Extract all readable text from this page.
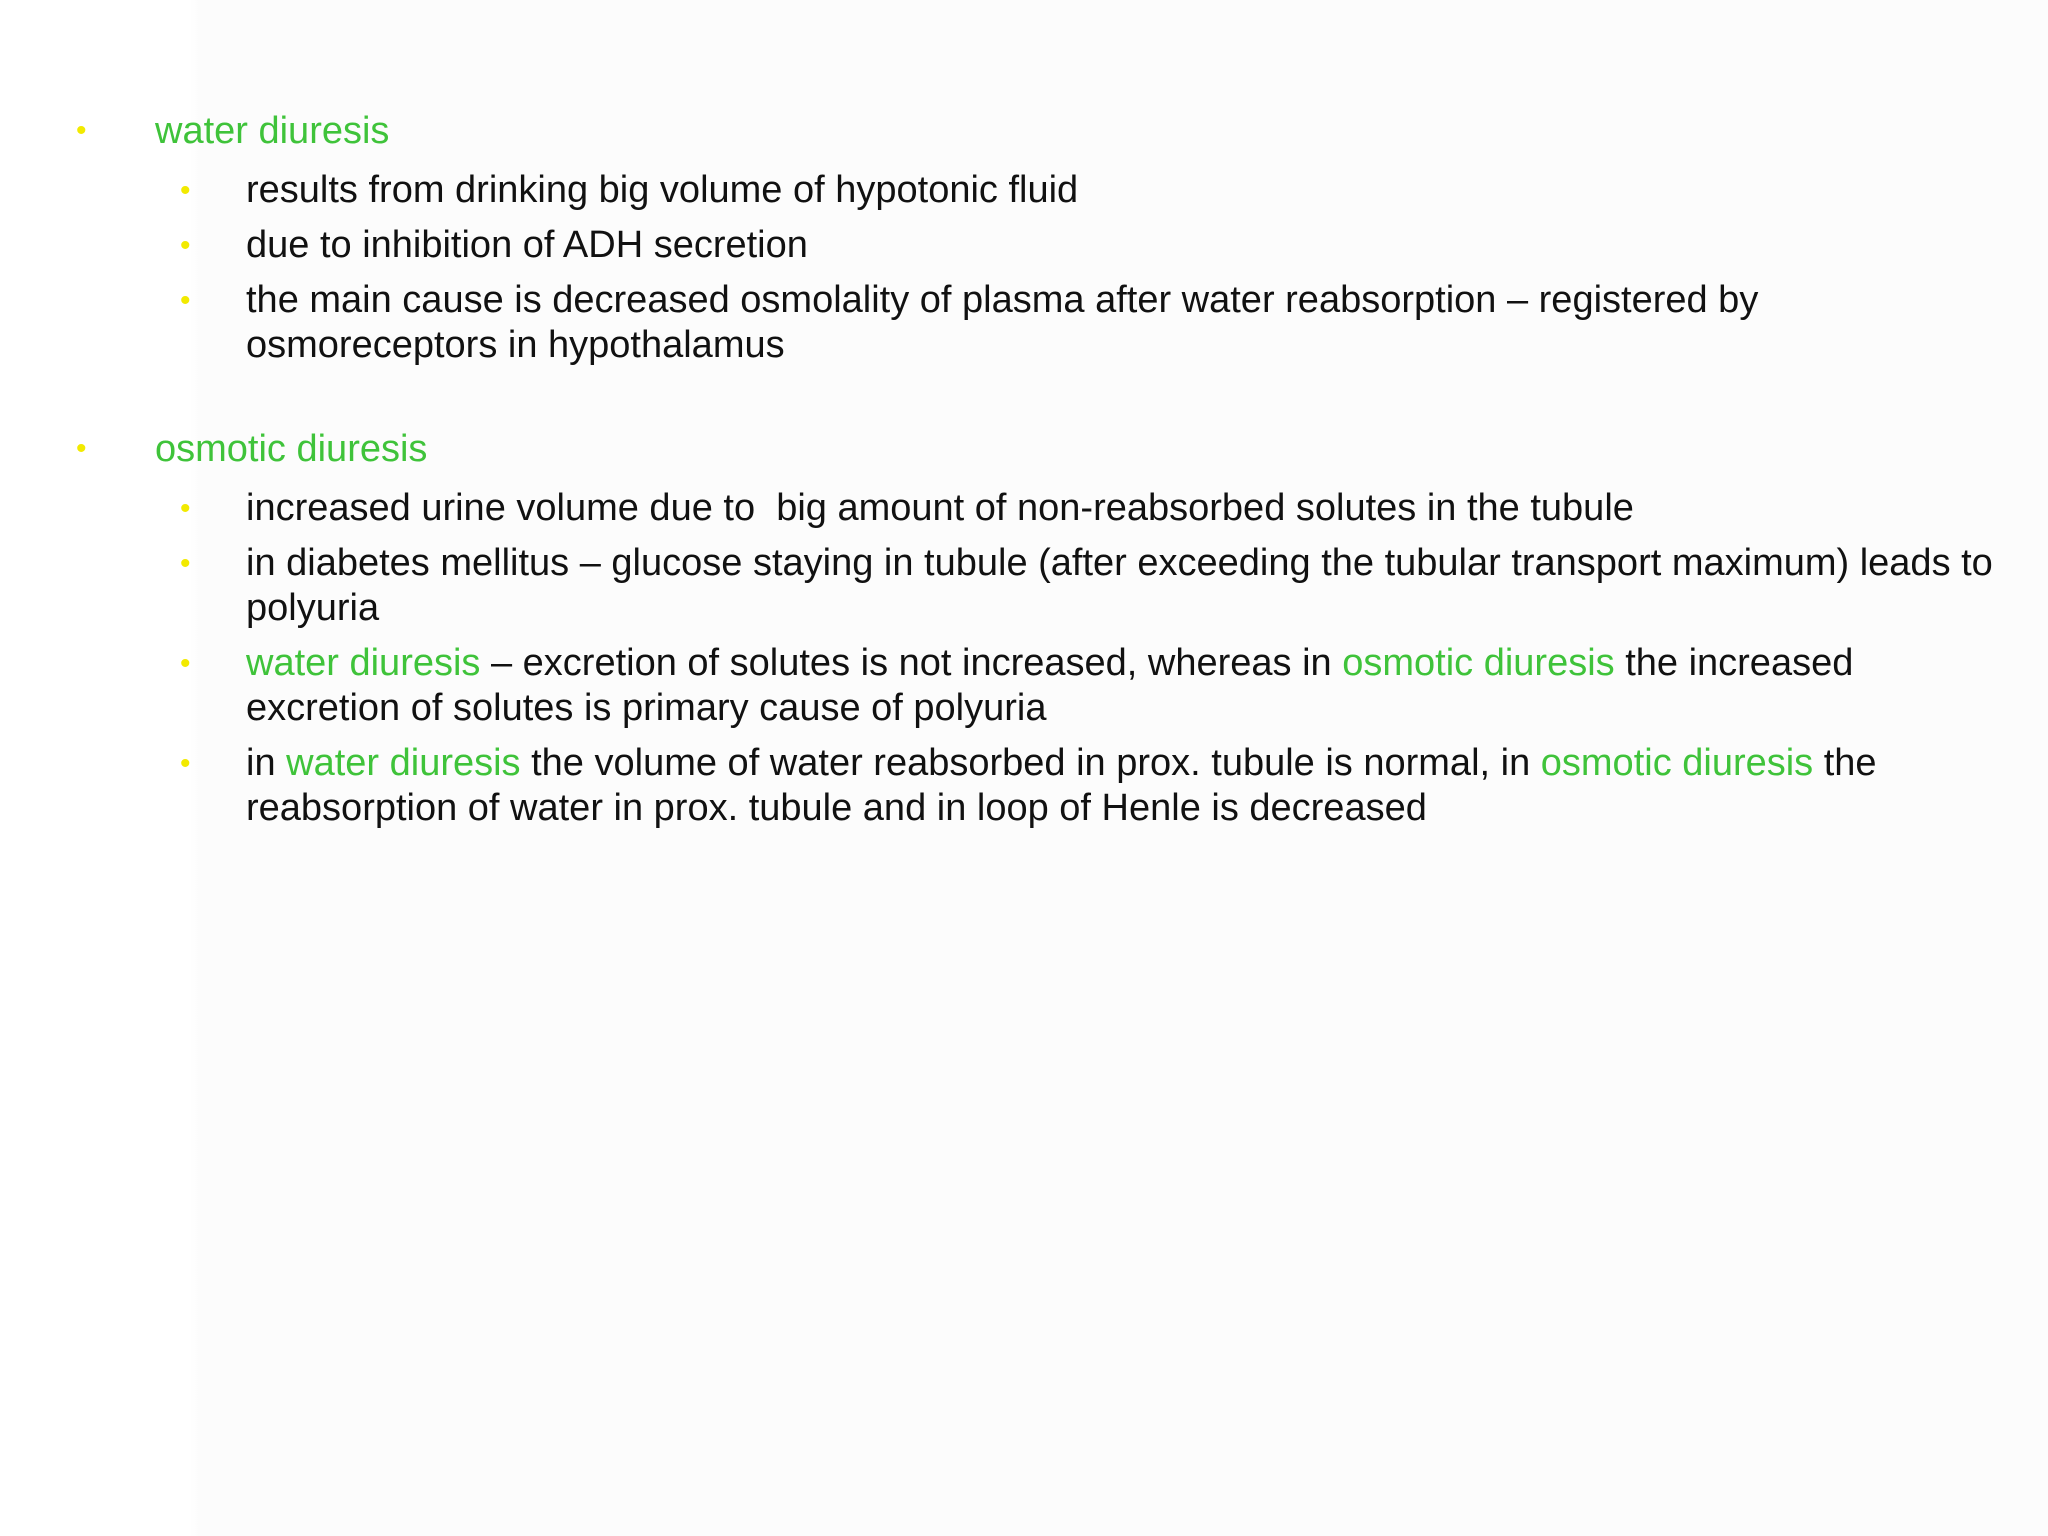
• water diuresis
• results from drinking big volume of hypotonic fluid
• due to inhibition of ADH secretion
• the main cause is decreased osmolality of plasma after water reabsorption – registered by osmoreceptors in hypothalamus
• osmotic diuresis
• increased urine volume due to  big amount of non-reabsorbed solutes in the tubule
• in diabetes mellitus – glucose staying in tubule (after exceeding the tubular transport maximum) leads to polyuria
• water diuresis – excretion of solutes is not increased, whereas in osmotic diuresis the increased excretion of solutes is primary cause of polyuria
• in water diuresis the volume of water reabsorbed in prox. tubule is normal, in osmotic diuresis the reabsorption of water in prox. tubule and in loop of Henle is decreased
